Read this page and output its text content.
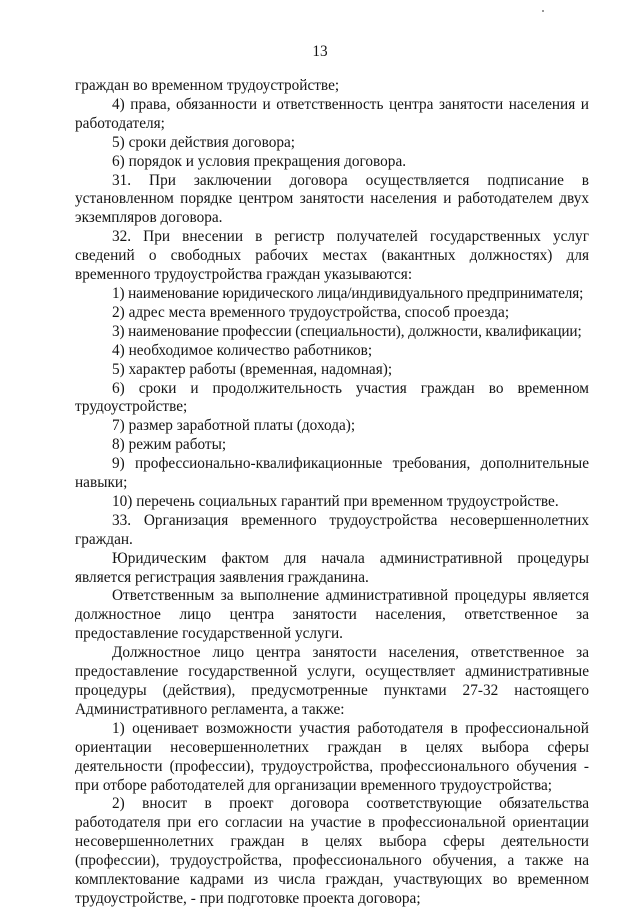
13

граждан во временном трудоустройстве;

4) права, обязанности и ответственность центра занятости населения и работодателя;

5) сроки действия договора;

6) порядок и условия прекращения договора.

31. При заключении договора осуществляется подписание в установленном порядке центром занятости населения и работодателем двух экземпляров договора.

32. При внесении в регистр получателей государственных услуг сведений о свободных рабочих местах (вакантных должностях) для временного трудоустройства граждан указываются:

1) наименование юридического лица/индивидуального предпринимателя;

2) адрес места временного трудоустройства, способ проезда;

3) наименование профессии (специальности), должности, квалификации;

4) необходимое количество работников;

5) характер работы (временная, надомная);

6) сроки и продолжительность участия граждан во временном трудоустройстве;

7) размер заработной платы (дохода);

8) режим работы;

9) профессионально-квалификационные требования, дополнительные навыки;

10) перечень социальных гарантий при временном трудоустройстве.

33. Организация временного трудоустройства несовершеннолетних граждан.

Юридическим фактом для начала административной процедуры является регистрация заявления гражданина.

Ответственным за выполнение административной процедуры является должностное лицо центра занятости населения, ответственное за предоставление государственной услуги.

Должностное лицо центра занятости населения, ответственное за предоставление государственной услуги, осуществляет административные процедуры (действия), предусмотренные пунктами 27-32 настоящего Административного регламента, а также:

1) оценивает возможности участия работодателя в профессиональной ориентации несовершеннолетних граждан в целях выбора сферы деятельности (профессии), трудоустройства, профессионального обучения - при отборе работодателей для организации временного трудоустройства;

2) вносит в проект договора соответствующие обязательства работодателя при его согласии на участие в профессиональной ориентации несовершеннолетних граждан в целях выбора сферы деятельности (профессии), трудоустройства, профессионального обучения, а также на комплектование кадрами из числа граждан, участвующих во временном трудоустройстве, - при подготовке проекта договора;
